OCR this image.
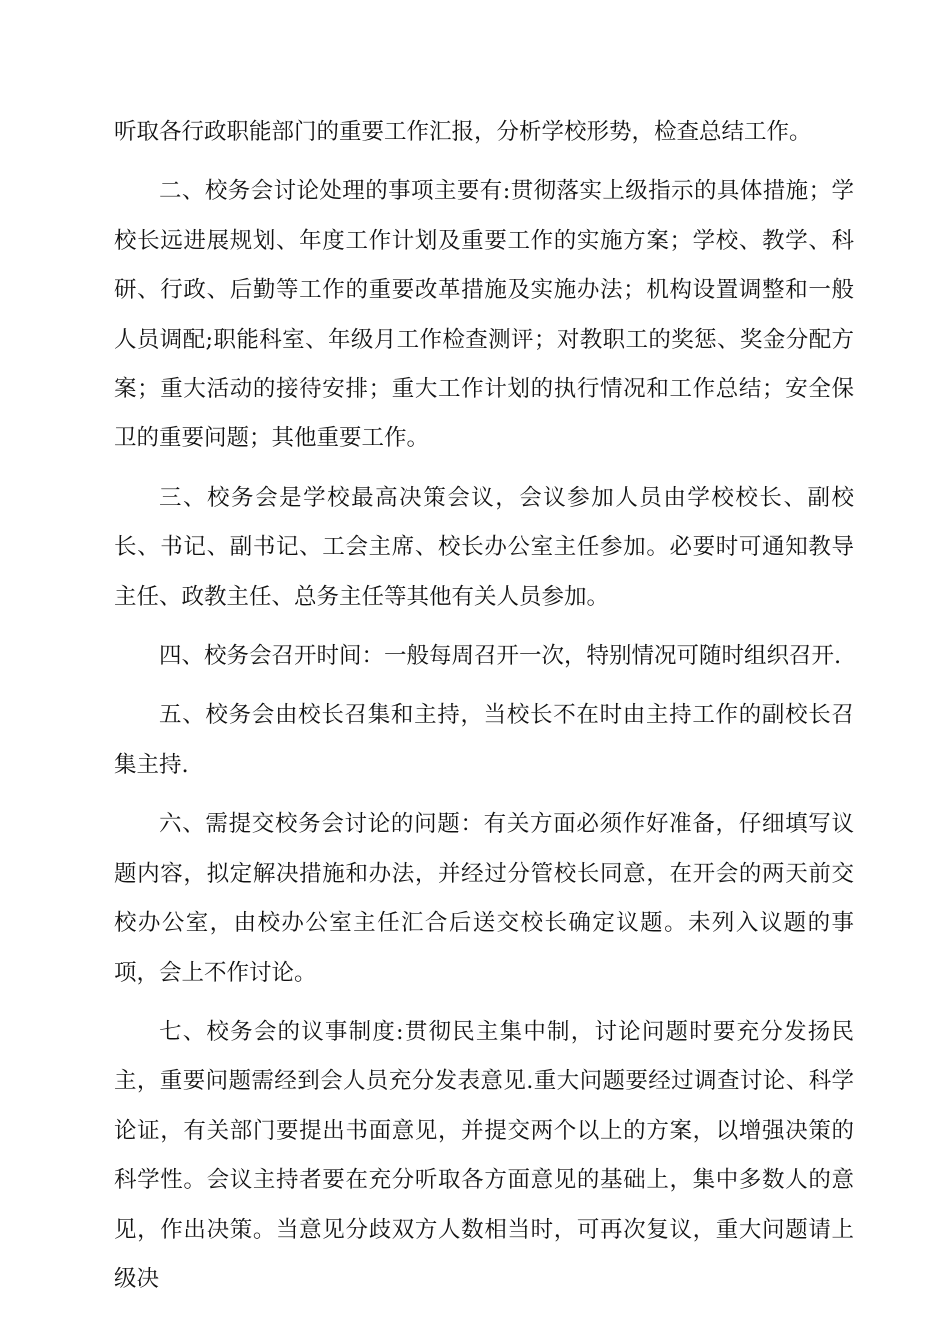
听取各行政职能部门的重要工作汇报，分析学校形势，检查总结工作。

二、校务会讨论处理的事项主要有:贯彻落实上级指示的具体措施；学校长远进展规划、年度工作计划及重要工作的实施方案；学校、教学、科研、行政、后勤等工作的重要改革措施及实施办法；机构设置调整和一般人员调配;职能科室、年级月工作检查测评；对教职工的奖惩、奖金分配方案；重大活动的接待安排；重大工作计划的执行情况和工作总结；安全保卫的重要问题；其他重要工作。

三、校务会是学校最高决策会议，会议参加人员由学校校长、副校长、书记、副书记、工会主席、校长办公室主任参加。必要时可通知教导主任、政教主任、总务主任等其他有关人员参加。

四、校务会召开时间：一般每周召开一次，特别情况可随时组织召开.

五、校务会由校长召集和主持，当校长不在时由主持工作的副校长召集主持.

六、需提交校务会讨论的问题：有关方面必须作好准备，仔细填写议题内容，拟定解决措施和办法，并经过分管校长同意，在开会的两天前交校办公室，由校办公室主任汇合后送交校长确定议题。未列入议题的事项，会上不作讨论。

七、校务会的议事制度:贯彻民主集中制，讨论问题时要充分发扬民主，重要问题需经到会人员充分发表意见.重大问题要经过调查讨论、科学论证，有关部门要提出书面意见，并提交两个以上的方案，以增强决策的科学性。会议主持者要在充分听取各方面意见的基础上，集中多数人的意见，作出决策。当意见分歧双方人数相当时，可再次复议，重大问题请上级决
